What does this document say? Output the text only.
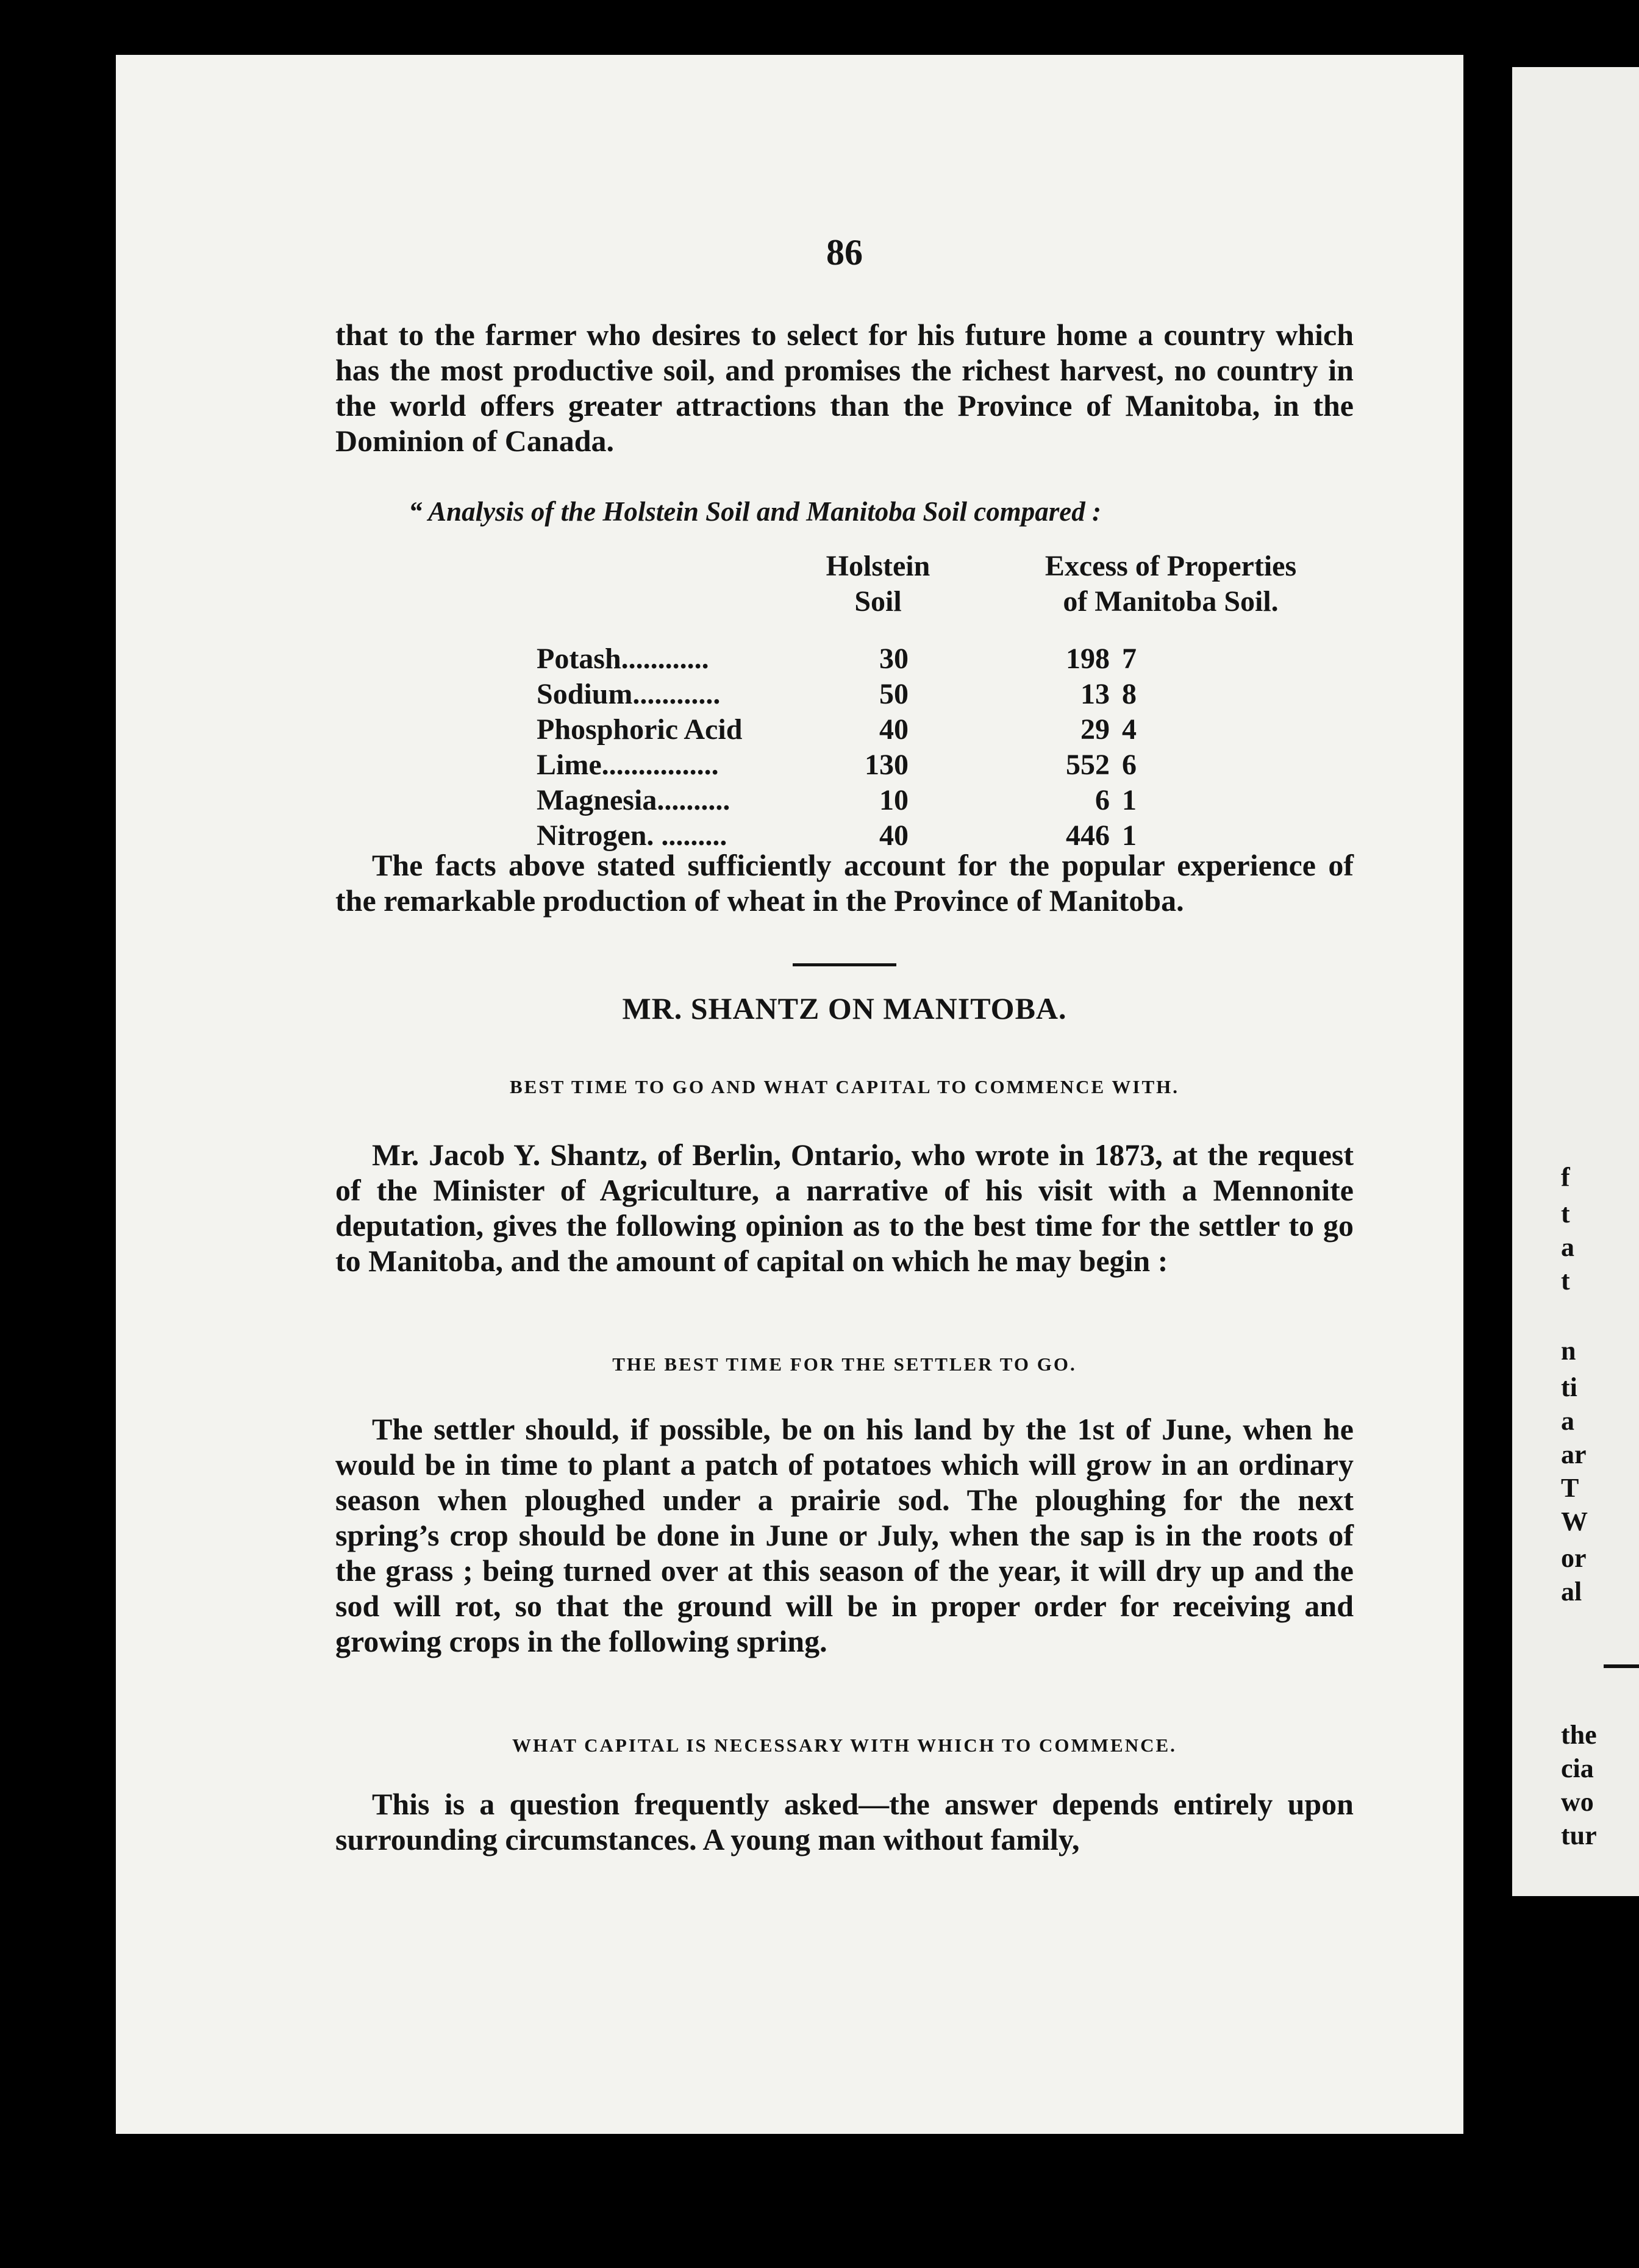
f
t
a
t
n
ti
a
ar
T
W
or
al
the
cia
wo
tur
86

that to the farmer who desires to select for his future home a country which has the most productive soil, and promises the richest harvest, no country in the world offers greater attractions than the Province of Manitoba, in the Dominion of Canada.

“ Analysis of the Holstein Soil and Manitoba Soil compared :
Holstein Soil
Excess of Properties
of Manitoba Soil.
Potash............	30	198 7
Sodium............	50	13 8
Phosphoric Acid	40	29 4
Lime................	130	552 6
Magnesia..........	10	6 1
Nitrogen. .........	40	446 1

The facts above stated sufficiently account for the popular experience of the remarkable production of wheat in the Province of Manitoba.

MR. SHANTZ ON MANITOBA.
BEST TIME TO GO AND WHAT CAPITAL TO COMMENCE WITH.

Mr. Jacob Y. Shantz, of Berlin, Ontario, who wrote in 1873, at the request of the Minister of Agriculture, a narrative of his visit with a Mennonite deputation, gives the following opinion as to the best time for the settler to go to Manitoba, and the amount of capital on which he may begin :

THE BEST TIME FOR THE SETTLER TO GO.

The settler should, if possible, be on his land by the 1st of June, when he would be in time to plant a patch of potatoes which will grow in an ordinary season when ploughed under a prairie sod. The ploughing for the next spring’s crop should be done in June or July, when the sap is in the roots of the grass ; being turned over at this season of the year, it will dry up and the sod will rot, so that the ground will be in proper order for receiving and growing crops in the following spring.

WHAT CAPITAL IS NECESSARY WITH WHICH TO COMMENCE.

This is a question frequently asked—the answer depends entirely upon surrounding circumstances. A young man without family,
